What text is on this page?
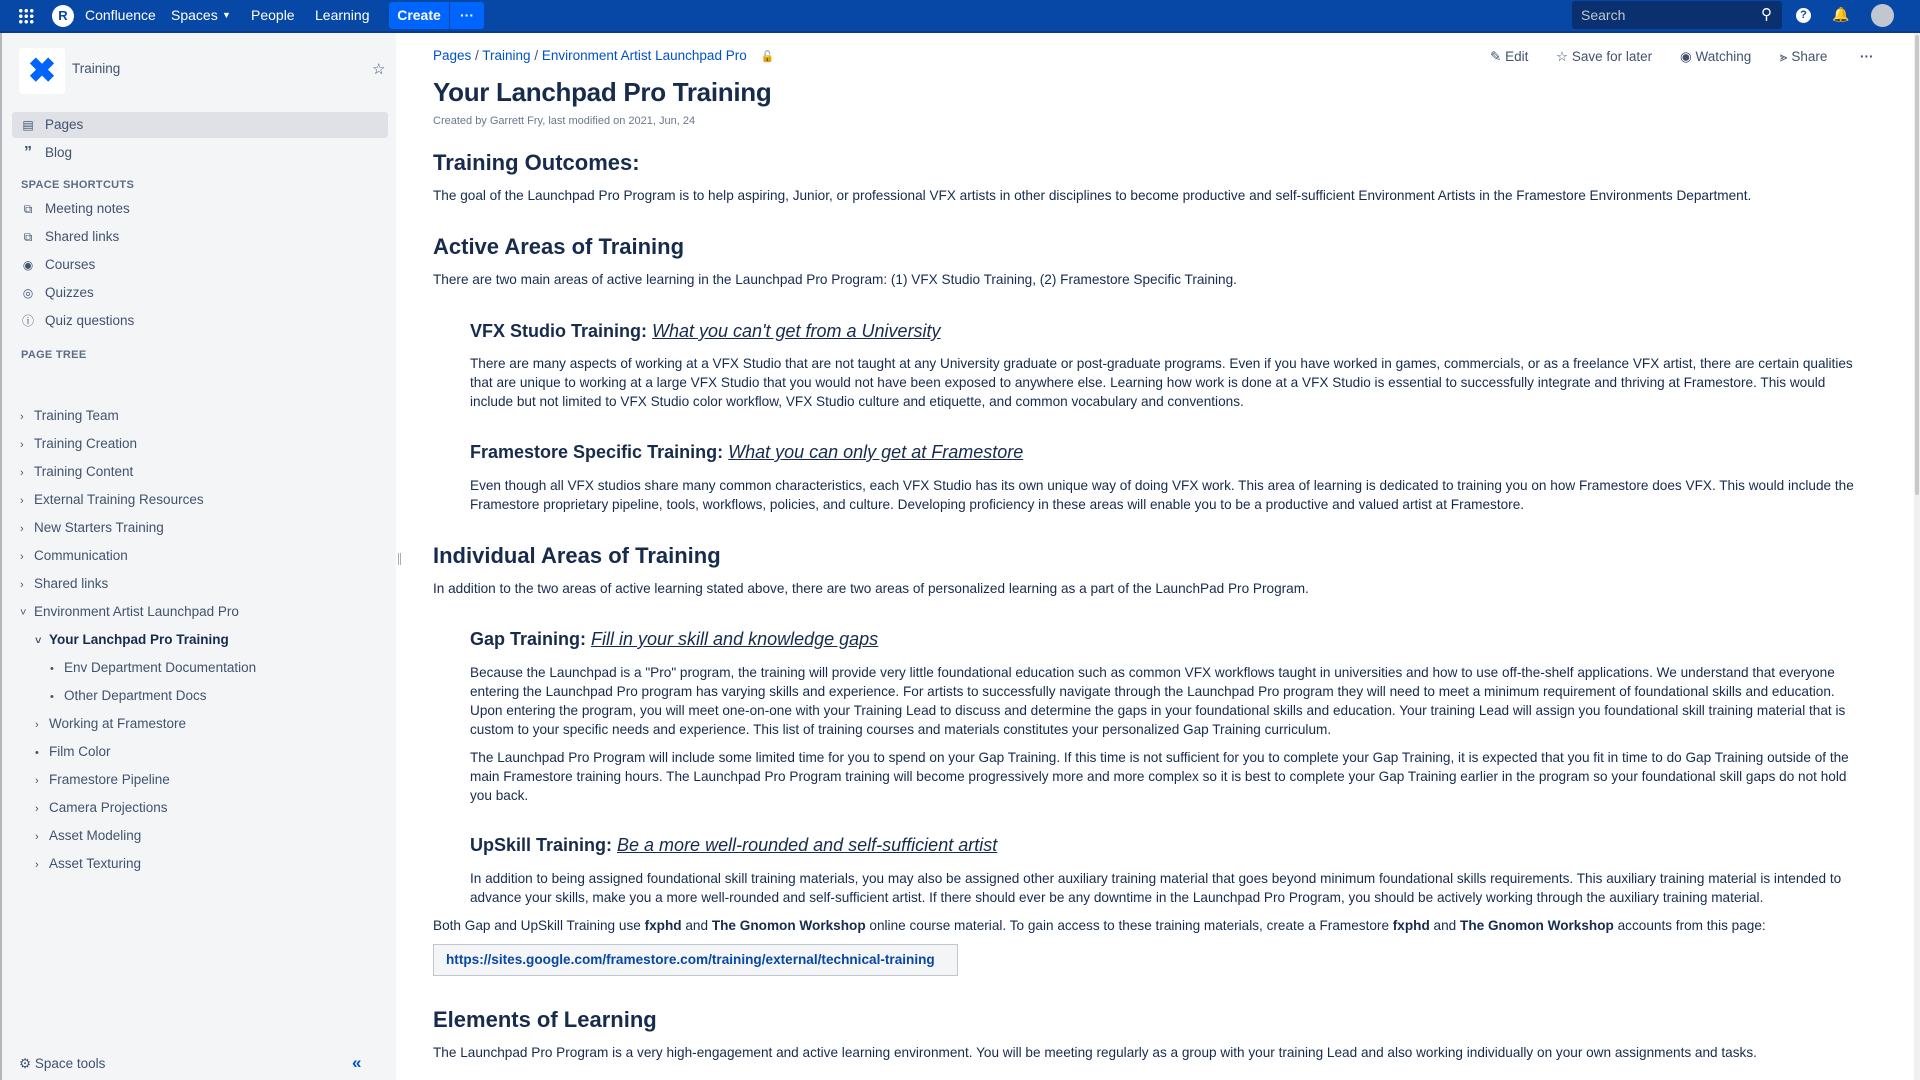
R	Confluence Spaces ▼ People Learning	Create	···	Search	⚲	? 🔔
✖	Training	☆
▤ Pages
” Blog
SPACE SHORTCUTS
⧉ Meeting notes
⧉ Shared links
◉ Courses
◎ Quizzes
ⓘ Quiz questions
PAGE TREE
› Training Team
› Training Creation
› Training Content
› External Training Resources
› New Starters Training
› Communication
› Shared links
˅ Environment Artist Launchpad Pro
˅ Your Lanchpad Pro Training
• Env Department Documentation
• Other Department Docs
› Working at Framestore
• Film Color
› Framestore Pipeline
› Camera Projections
› Asset Modeling
› Asset Texturing
⚙ Space tools	«
Pages / Training / Environment Artist Launchpad Pro 🔓	✎ Edit ☆ Save for later ◉ Watching ⪢ Share ···
Your Lanchpad Pro Training
Created by Garrett Fry, last modified on 2021, Jun, 24
Training Outcomes:
The goal of the Launchpad Pro Program is to help aspiring, Junior, or professional VFX artists in other disciplines to become productive and self-sufficient Environment Artists in the Framestore Environments Department.
Active Areas of Training
There are two main areas of active learning in the Launchpad Pro Program: (1) VFX Studio Training, (2) Framestore Specific Training.
VFX Studio Training: What you can't get from a University
There are many aspects of working at a VFX Studio that are not taught at any University graduate or post-graduate programs. Even if you have worked in games, commercials, or as a freelance VFX artist, there are certain qualities that are unique to working at a large VFX Studio that you would not have been exposed to anywhere else. Learning how work is done at a VFX Studio is essential to successfully integrate and thriving at Framestore. This would include but not limited to VFX Studio color workflow, VFX Studio culture and etiquette, and common vocabulary and conventions.
Framestore Specific Training: What you can only get at Framestore
Even though all VFX studios share many common characteristics, each VFX Studio has its own unique way of doing VFX work. This area of learning is dedicated to training you on how Framestore does VFX. This would include the Framestore proprietary pipeline, tools, workflows, policies, and culture. Developing proficiency in these areas will enable you to be a productive and valued artist at Framestore.
Individual Areas of Training
In addition to the two areas of active learning stated above, there are two areas of personalized learning as a part of the LaunchPad Pro Program.
Gap Training: Fill in your skill and knowledge gaps
Because the Launchpad is a "Pro" program, the training will provide very little foundational education such as common VFX workflows taught in universities and how to use off-the-shelf applications. We understand that everyone entering the Launchpad Pro program has varying skills and experience. For artists to successfully navigate through the Launchpad Pro program they will need to meet a minimum requirement of foundational skills and education. Upon entering the program, you will meet one-on-one with your Training Lead to discuss and determine the gaps in your foundational skills and education. Your training Lead will assign you foundational skill training material that is custom to your specific needs and experience. This list of training courses and materials constitutes your personalized Gap Training curriculum.
The Launchpad Pro Program will include some limited time for you to spend on your Gap Training. If this time is not sufficient for you to complete your Gap Training, it is expected that you fit in time to do Gap Training outside of the main Framestore training hours. The Launchpad Pro Program training will become progressively more and more complex so it is best to complete your Gap Training earlier in the program so your foundational skill gaps do not hold you back.
UpSkill Training: Be a more well-rounded and self-sufficient artist
In addition to being assigned foundational skill training materials, you may also be assigned other auxiliary training material that goes beyond minimum foundational skills requirements. This auxiliary training material is intended to advance your skills, make you a more well-rounded and self-sufficient artist. If there should ever be any downtime in the Launchpad Pro Program, you should be actively working through the auxiliary training material.
Both Gap and UpSkill Training use fxphd and The Gnomon Workshop online course material. To gain access to these training materials, create a Framestore fxphd and The Gnomon Workshop accounts from this page:
https://sites.google.com/framestore.com/training/external/technical-training
Elements of Learning
The Launchpad Pro Program is a very high-engagement and active learning environment. You will be meeting regularly as a group with your training Lead and also working individually on your own assignments and tasks.
